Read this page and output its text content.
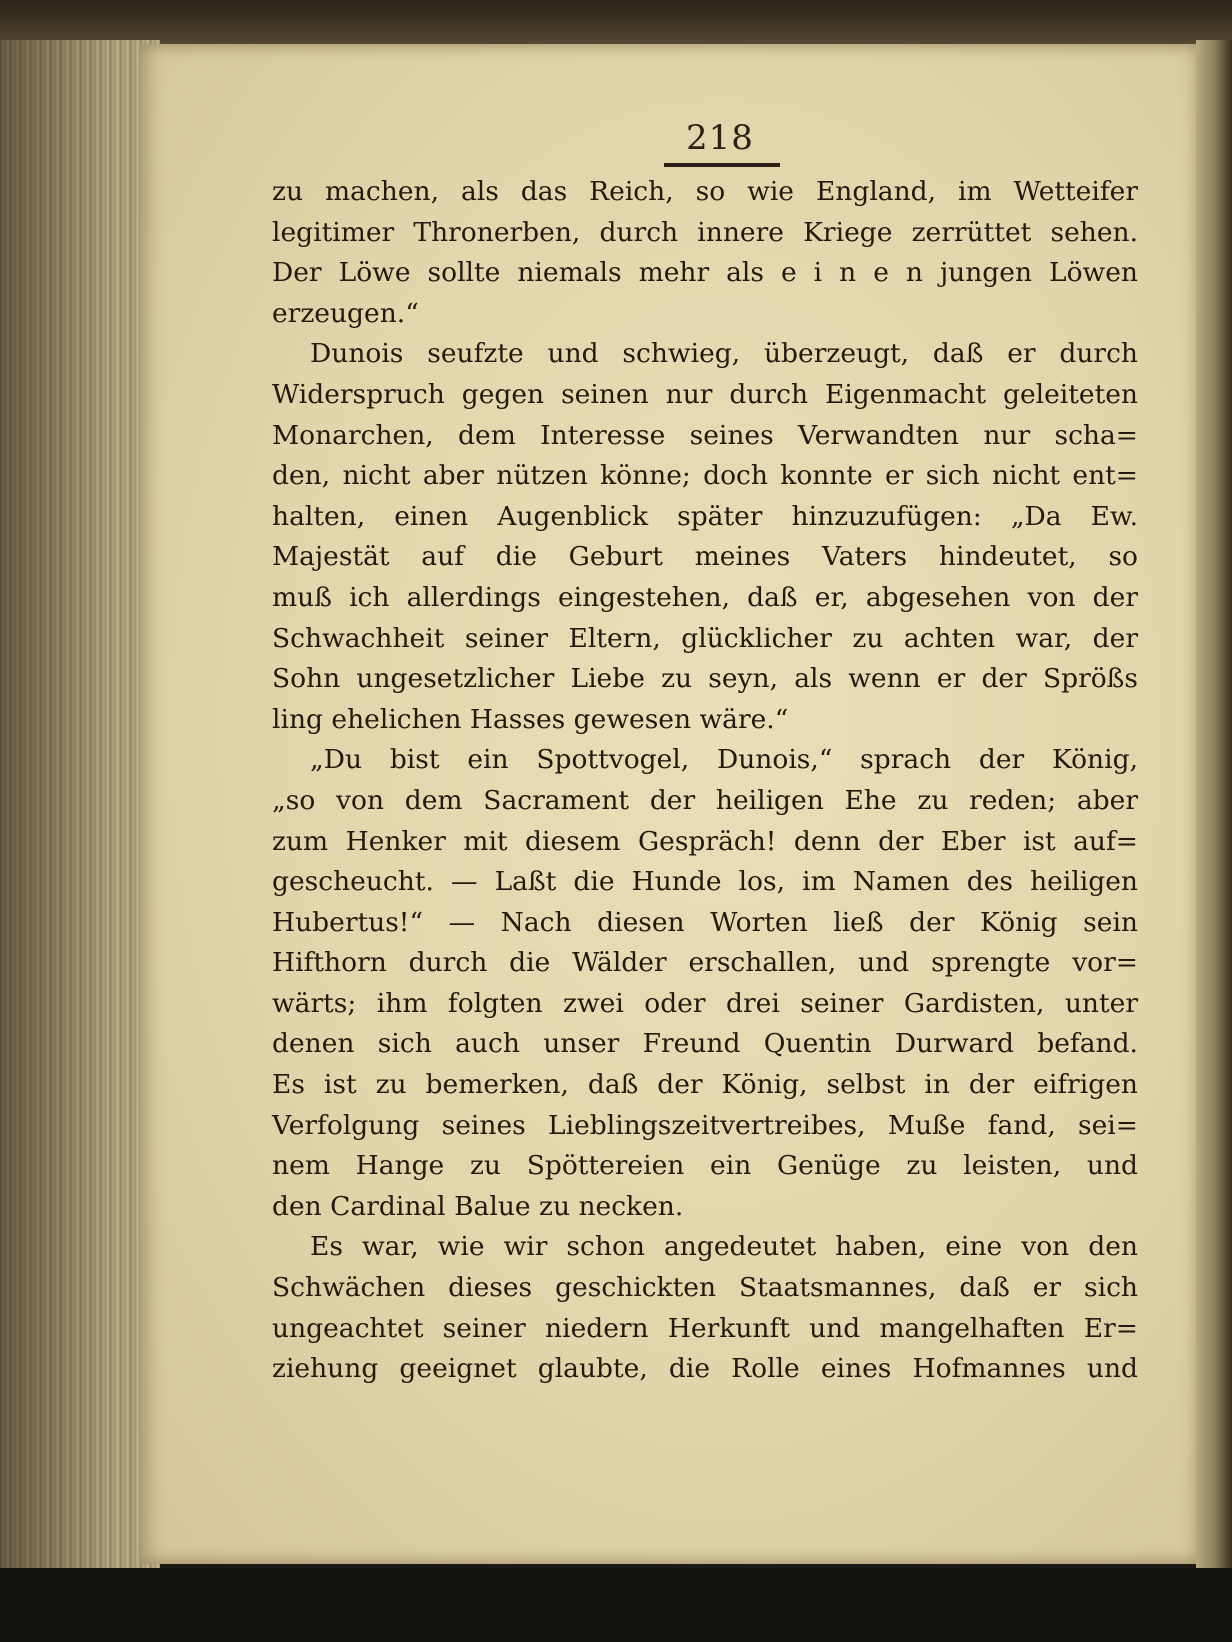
218
zu machen, als das Reich, so wie England, im Wetteifer
legitimer Thronerben, durch innere Kriege zerrüttet sehen.
Der Löwe sollte niemals mehr als e i n e n jungen Löwen
erzeugen.“
Dunois seufzte und schwieg, überzeugt, daß er durch
Widerspruch gegen seinen nur durch Eigenmacht geleiteten
Monarchen, dem Interesse seines Verwandten nur scha=
den, nicht aber nützen könne; doch konnte er sich nicht ent=
halten, einen Augenblick später hinzuzufügen: „Da Ew.
Majestät auf die Geburt meines Vaters hindeutet, so
muß ich allerdings eingestehen, daß er, abgesehen von der
Schwachheit seiner Eltern, glücklicher zu achten war, der
Sohn ungesetzlicher Liebe zu seyn, als wenn er der Sprößs
ling ehelichen Hasses gewesen wäre.“
„Du bist ein Spottvogel, Dunois,“ sprach der König,
„so von dem Sacrament der heiligen Ehe zu reden; aber
zum Henker mit diesem Gespräch! denn der Eber ist auf=
gescheucht. — Laßt die Hunde los, im Namen des heiligen
Hubertus!“ — Nach diesen Worten ließ der König sein
Hifthorn durch die Wälder erschallen, und sprengte vor=
wärts; ihm folgten zwei oder drei seiner Gardisten, unter
denen sich auch unser Freund Quentin Durward befand.
Es ist zu bemerken, daß der König, selbst in der eifrigen
Verfolgung seines Lieblingszeitvertreibes, Muße fand, sei=
nem Hange zu Spöttereien ein Genüge zu leisten, und
den Cardinal Balue zu necken.
Es war, wie wir schon angedeutet haben, eine von den
Schwächen dieses geschickten Staatsmannes, daß er sich
ungeachtet seiner niedern Herkunft und mangelhaften Er=
ziehung geeignet glaubte, die Rolle eines Hofmannes und
